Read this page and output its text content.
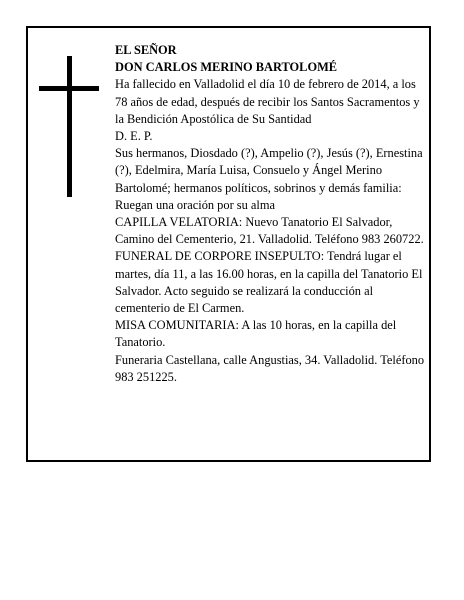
EL SEÑOR

DON CARLOS MERINO BARTOLOMÉ

Ha fallecido en Valladolid el día 10 de febrero de 2014, a los 78 años de edad, después de recibir los Santos Sacramentos y la Bendición Apostólica de Su Santidad

D. E. P.

Sus hermanos, Diosdado (?), Ampelio (?), Jesús (?), Ernestina (?), Edelmira, María Luisa, Consuelo y Ángel Merino Bartolomé; hermanos políticos, sobrinos y demás familia:

Ruegan una oración por su alma

CAPILLA VELATORIA: Nuevo Tanatorio El Salvador, Camino del Cementerio, 21. Valladolid. Teléfono 983 260722.

FUNERAL DE CORPORE INSEPULTO: Tendrá lugar el martes, día 11, a las 16.00 horas, en la capilla del Tanatorio El Salvador. Acto seguido se realizará la conducción al cementerio de El Carmen.

MISA COMUNITARIA: A las 10 horas, en la capilla del Tanatorio.

Funeraria Castellana, calle Angustias, 34. Valladolid. Teléfono 983 251225.
